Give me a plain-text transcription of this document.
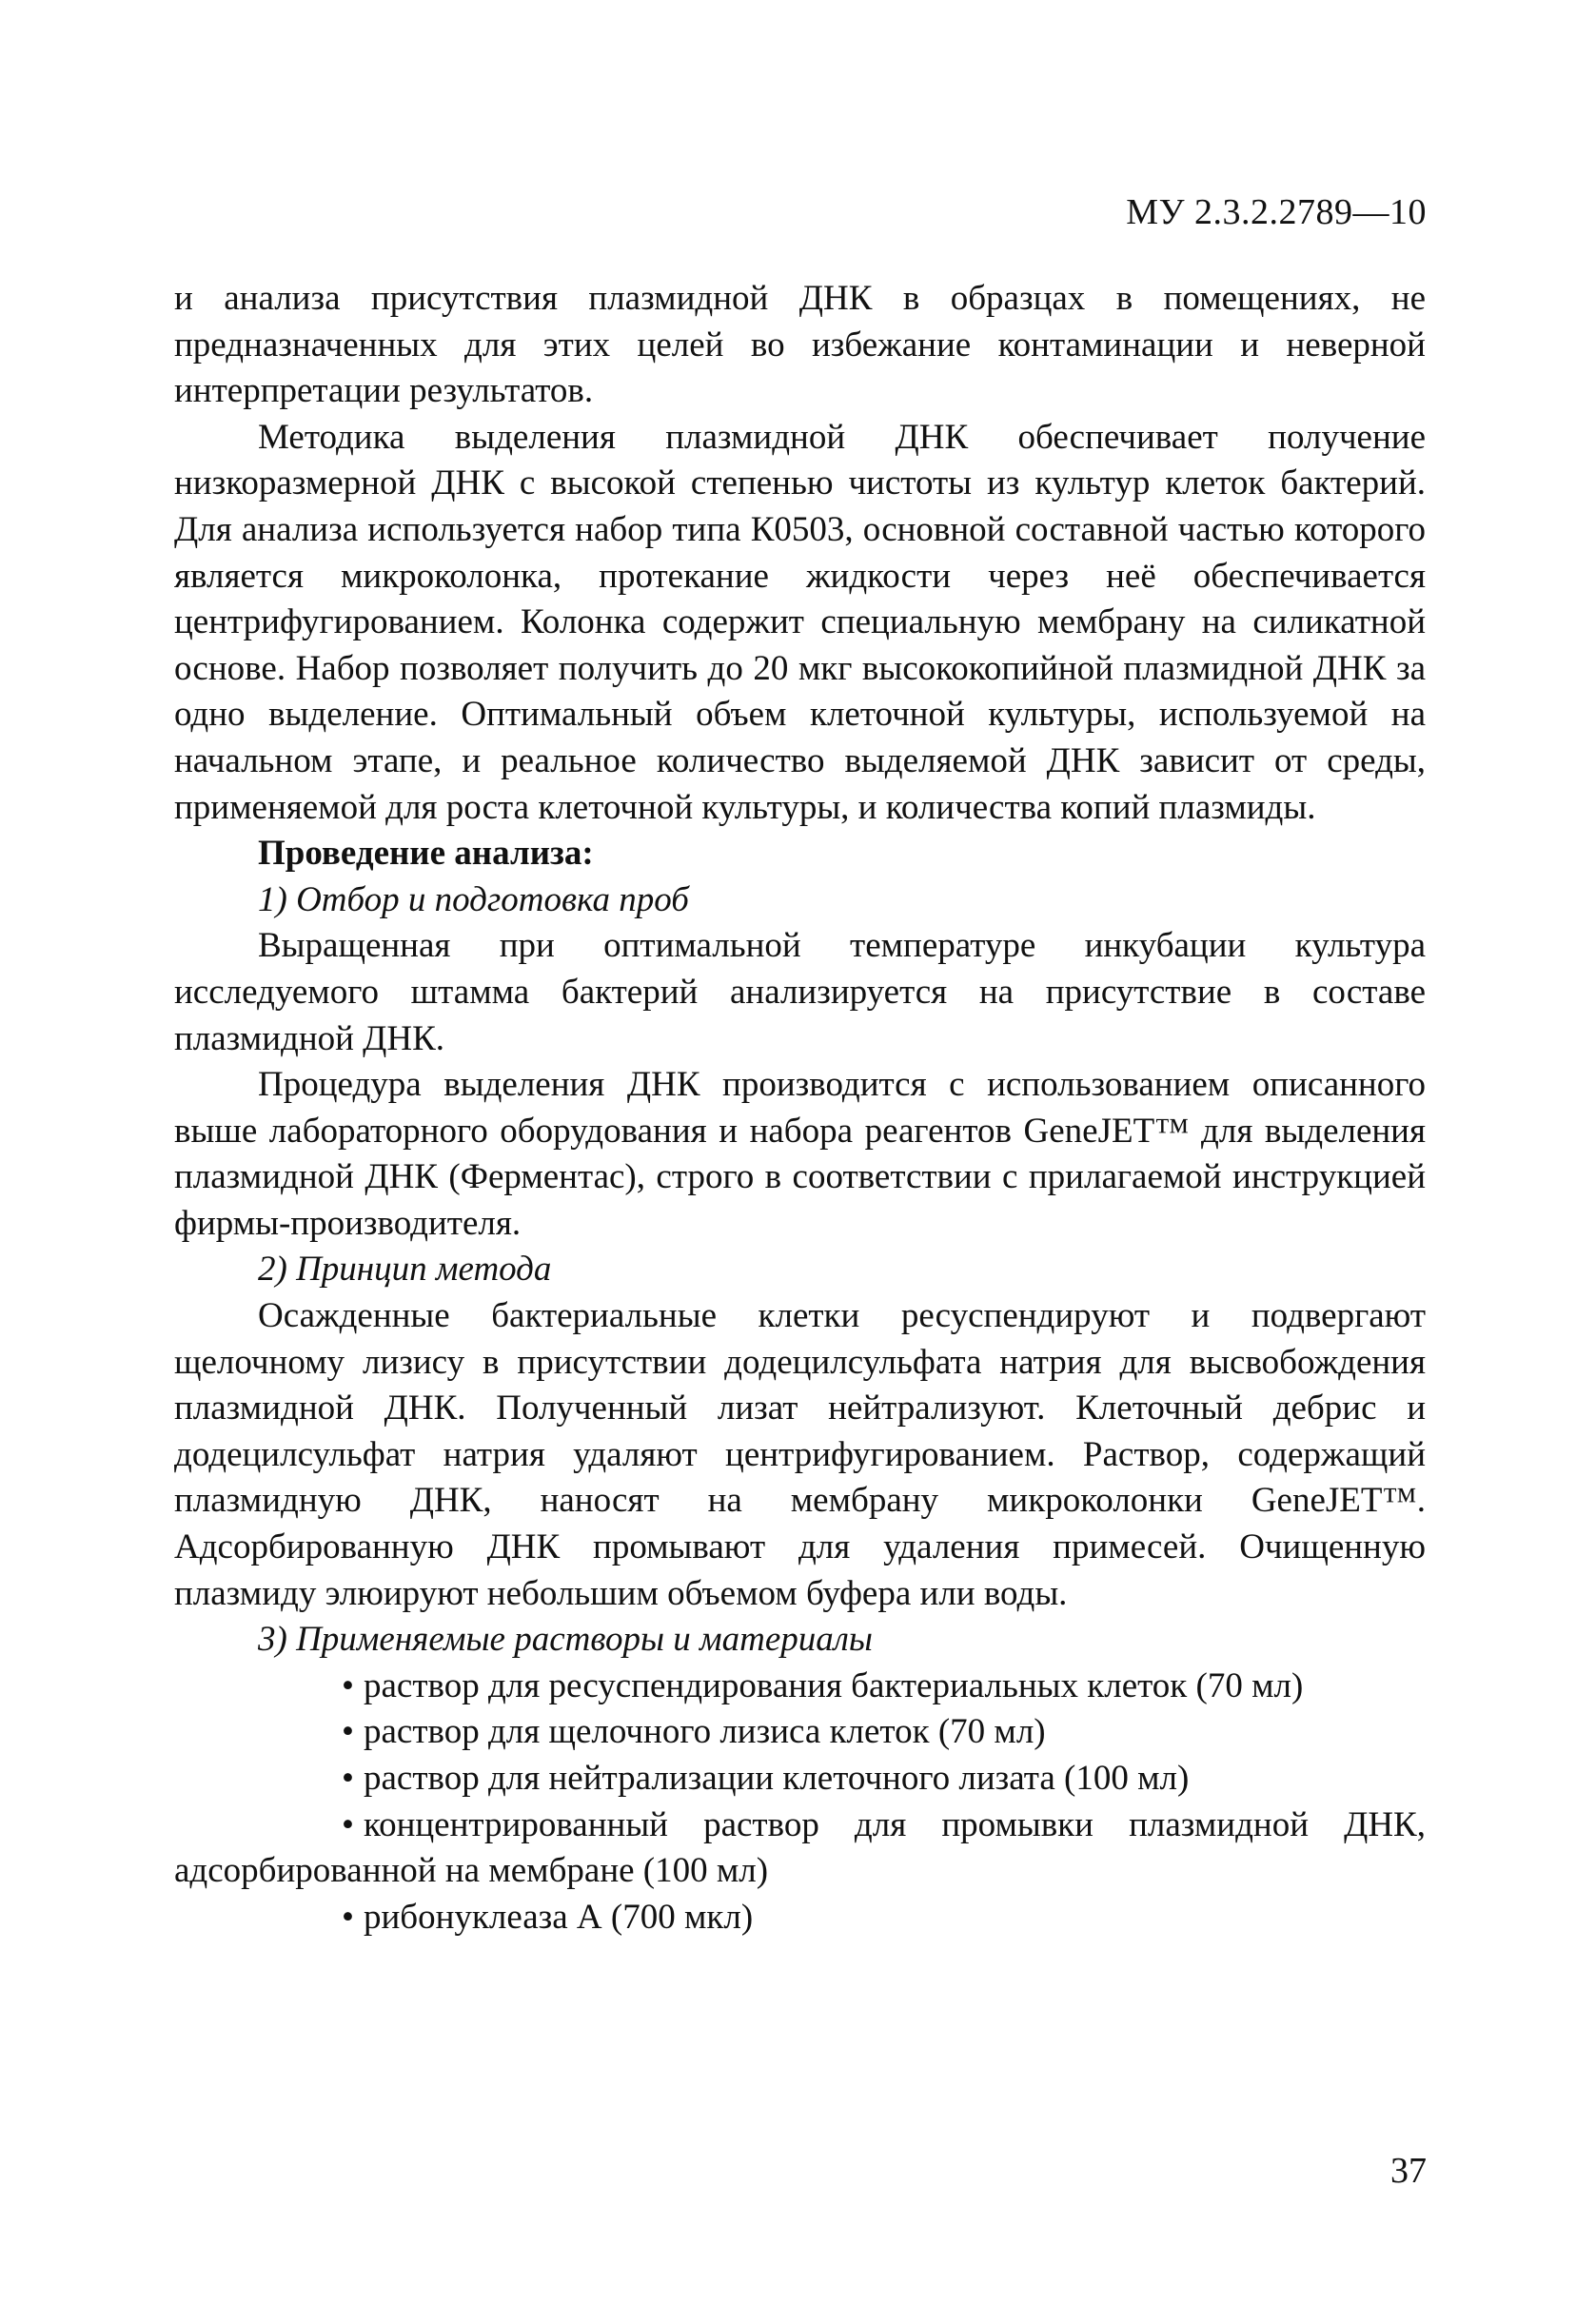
МУ 2.3.2.2789—10

и анализа присутствия плазмидной ДНК в образцах в помещениях, не предназначенных для этих целей во избежание контаминации и неверной интерпретации результатов.

Методика выделения плазмидной ДНК обеспечивает получение низкоразмерной ДНК с высокой степенью чистоты из культур клеток бактерий. Для анализа используется набор типа К0503, основной составной частью которого является микроколонка, протекание жидкости через неё обеспечивается центрифугированием. Колонка содержит специальную мембрану на силикатной основе. Набор позволяет получить до 20 мкг высококопийной плазмидной ДНК за одно выделение. Оптимальный объем клеточной культуры, используемой на начальном этапе, и реальное количество выделяемой ДНК зависит от среды, применяемой для роста клеточной культуры, и количества копий плазмиды.

Проведение анализа:

1) Отбор и подготовка проб

Выращенная при оптимальной температуре инкубации культура исследуемого штамма бактерий анализируется на присутствие в составе плазмидной ДНК.

Процедура выделения ДНК производится с использованием описанного выше лабораторного оборудования и набора реагентов GeneJET™ для выделения плазмидной ДНК (Ферментас), строго в соответствии с прилагаемой инструкцией фирмы-производителя.

2) Принцип метода

Осажденные бактериальные клетки ресуспендируют и подвергают щелочному лизису в присутствии додецилсульфата натрия для высвобождения плазмидной ДНК. Полученный лизат нейтрализуют. Клеточный дебрис и додецилсульфат натрия удаляют центрифугированием. Раствор, содержащий плазмидную ДНК, наносят на мембрану микроколонки GeneJET™. Адсорбированную ДНК промывают для удаления примесей. Очищенную плазмиду элюируют небольшим объемом буфера или воды.

3) Применяемые растворы и материалы

• раствор для ресуспендирования бактериальных клеток (70 мл)
• раствор для щелочного лизиса клеток (70 мл)
• раствор для нейтрализации клеточного лизата (100 мл)
• концентрированный раствор для промывки плазмидной ДНК, адсорбированной на мембране (100 мл)
• рибонуклеаза А (700 мкл)
37
